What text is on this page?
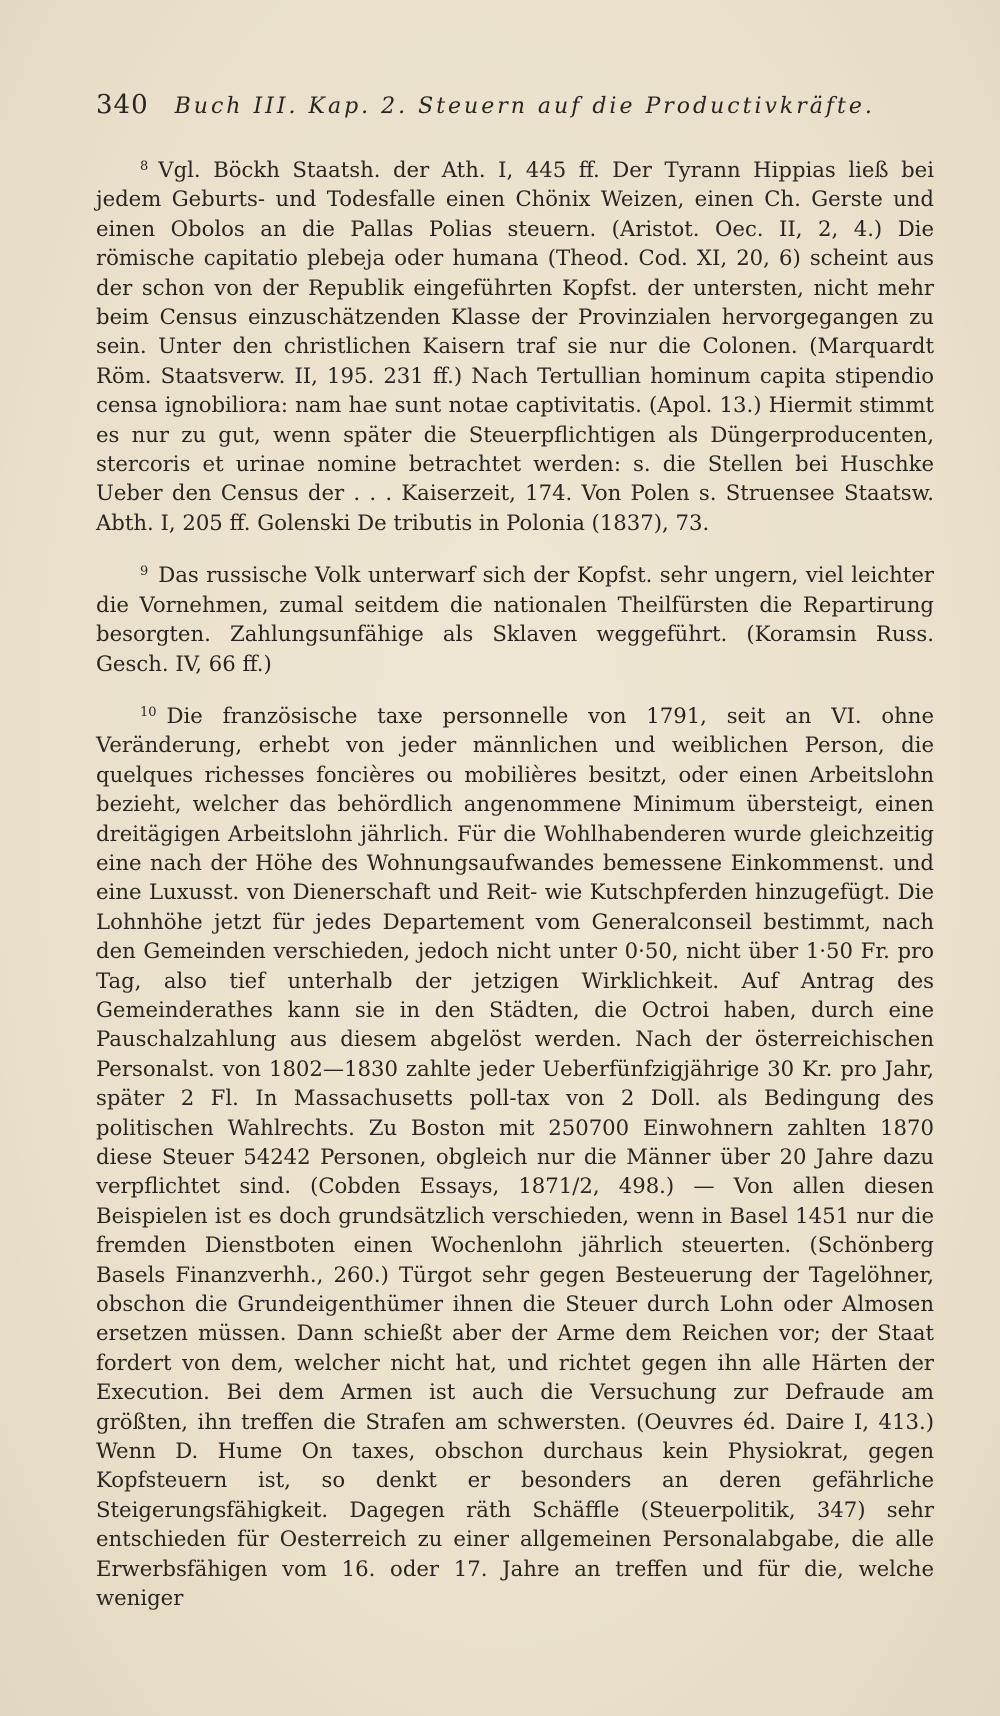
340 Buch III. Kap. 2. Steuern auf die Productivkräfte.

$^8$ Vgl. Böckh Staatsh. der Ath. I, 445 ff. Der Tyrann Hippias ließ bei jedem Geburts- und Todesfalle einen Chönix Weizen, einen Ch. Gerste und einen Obolos an die Pallas Polias steuern. (Aristot. Oec. II, 2, 4.) Die römische capitatio plebeja oder humana (Theod. Cod. XI, 20, 6) scheint aus der schon von der Republik eingeführten Kopfst. der untersten, nicht mehr beim Census einzuschätzenden Klasse der Provinzialen hervorgegangen zu sein. Unter den christlichen Kaisern traf sie nur die Colonen. (Marquardt Röm. Staatsverw. II, 195. 231 ff.) Nach Tertullian hominum capita stipendio censa ignobiliora: nam hae sunt notae captivitatis. (Apol. 13.) Hiermit stimmt es nur zu gut, wenn später die Steuerpflichtigen als Düngerproducenten, stercoris et urinae nomine betrachtet werden: s. die Stellen bei Huschke Ueber den Census der . . . Kaiserzeit, 174. Von Polen s. Struensee Staatsw. Abth. I, 205 ff. Golenski De tributis in Polonia (1837), 73.

$^9$ Das russische Volk unterwarf sich der Kopfst. sehr ungern, viel leichter die Vornehmen, zumal seitdem die nationalen Theilfürsten die Repartirung besorgten. Zahlungsunfähige als Sklaven weggeführt. (Koramsin Russ. Gesch. IV, 66 ff.)

$^{10}$ Die französische taxe personnelle von 1791, seit an VI. ohne Veränderung, erhebt von jeder männlichen und weiblichen Person, die quelques richesses foncières ou mobilières besitzt, oder einen Arbeitslohn bezieht, welcher das behördlich angenommene Minimum übersteigt, einen dreitägigen Arbeitslohn jährlich. Für die Wohlhabenderen wurde gleichzeitig eine nach der Höhe des Wohnungsaufwandes bemessene Einkommenst. und eine Luxusst. von Dienerschaft und Reit- wie Kutschpferden hinzugefügt. Die Lohnhöhe jetzt für jedes Departement vom Generalconseil bestimmt, nach den Gemeinden verschieden, jedoch nicht unter 0·50, nicht über 1·50 Fr. pro Tag, also tief unterhalb der jetzigen Wirklichkeit. Auf Antrag des Gemeinderathes kann sie in den Städten, die Octroi haben, durch eine Pauschalzahlung aus diesem abgelöst werden. Nach der österreichischen Personalst. von 1802—1830 zahlte jeder Ueberfünfzigjährige 30 Kr. pro Jahr, später 2 Fl. In Massachusetts poll-tax von 2 Doll. als Bedingung des politischen Wahlrechts. Zu Boston mit 250700 Einwohnern zahlten 1870 diese Steuer 54242 Personen, obgleich nur die Männer über 20 Jahre dazu verpflichtet sind. (Cobden Essays, 1871/2, 498.) — Von allen diesen Beispielen ist es doch grundsätzlich verschieden, wenn in Basel 1451 nur die fremden Dienstboten einen Wochenlohn jährlich steuerten. (Schönberg Basels Finanzverhh., 260.) Türgot sehr gegen Besteuerung der Tagelöhner, obschon die Grundeigenthümer ihnen die Steuer durch Lohn oder Almosen ersetzen müssen. Dann schießt aber der Arme dem Reichen vor; der Staat fordert von dem, welcher nicht hat, und richtet gegen ihn alle Härten der Execution. Bei dem Armen ist auch die Versuchung zur Defraude am größten, ihn treffen die Strafen am schwersten. (Oeuvres éd. Daire I, 413.) Wenn D. Hume On taxes, obschon durchaus kein Physiokrat, gegen Kopfsteuern ist, so denkt er besonders an deren gefährliche Steigerungsfähigkeit. Dagegen räth Schäffle (Steuerpolitik, 347) sehr entschieden für Oesterreich zu einer allgemeinen Personalabgabe, die alle Erwerbsfähigen vom 16. oder 17. Jahre an treffen und für die, welche weniger
